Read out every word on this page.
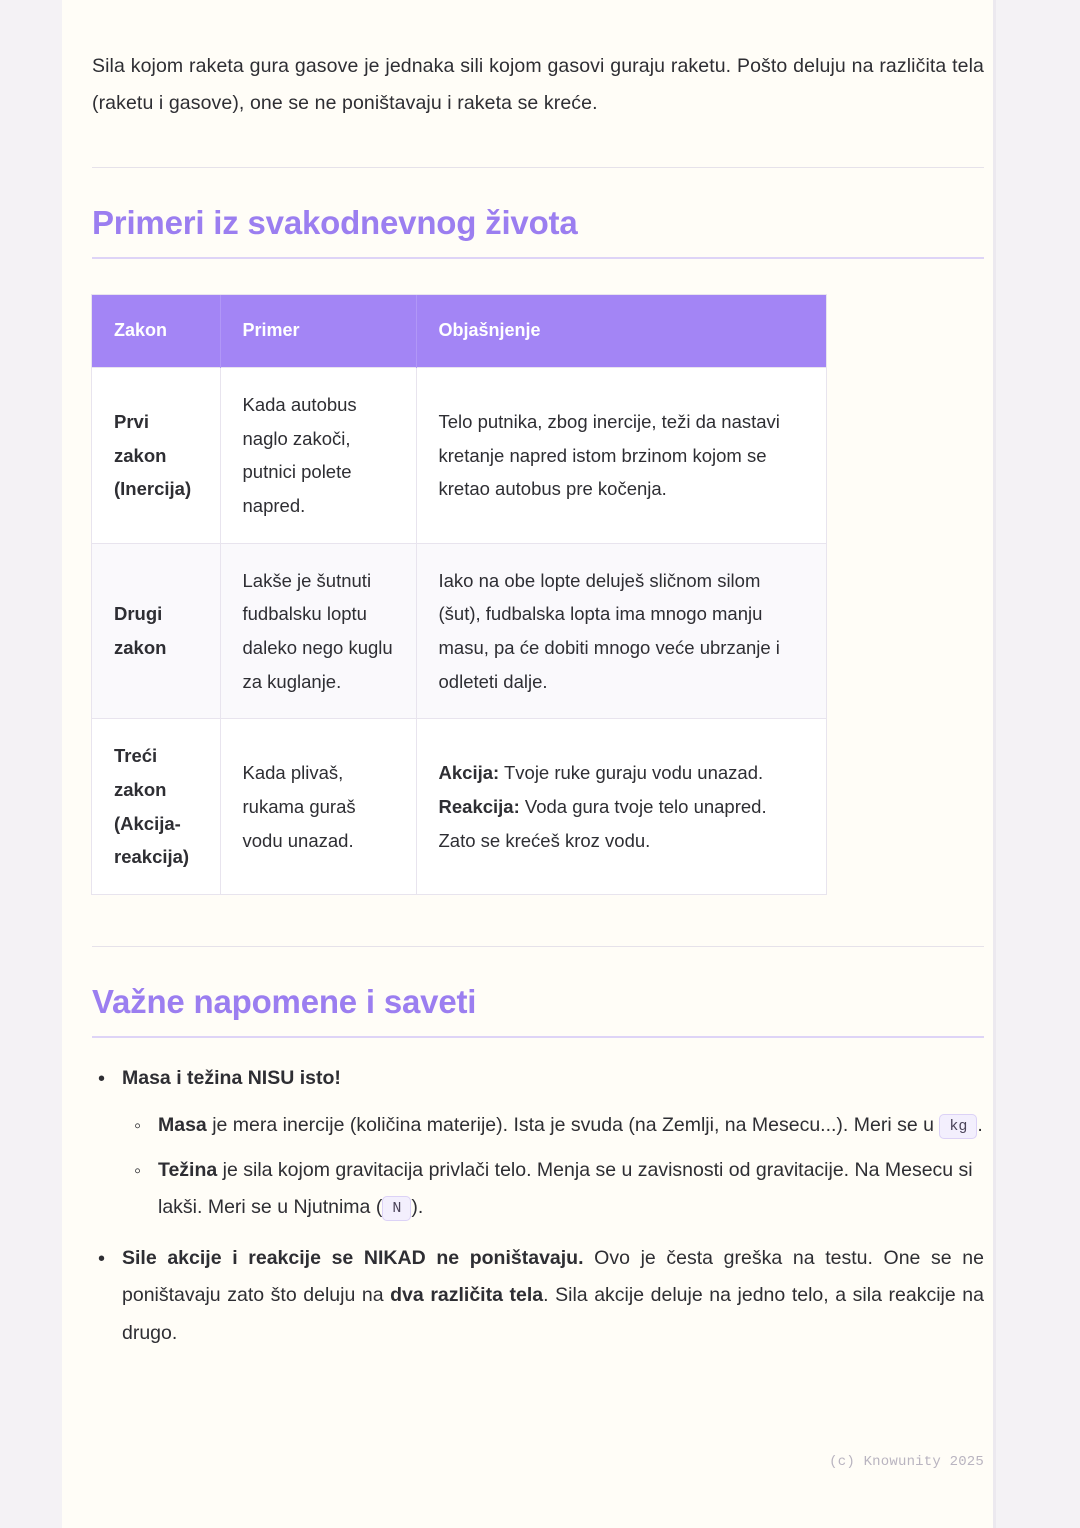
Sila kojom raketa gura gasove je jednaka sili kojom gasovi guraju raketu. Pošto deluju na različita tela (raketu i gasove), one se ne poništavaju i raketa se kreće.

Primeri iz svakodnevnog života
Zakon	Primer	Objašnjenje
Prvi zakon (Inercija)	Kada autobus naglo zakoči, putnici polete napred.	Telo putnika, zbog inercije, teži da nastavi kretanje napred istom brzinom kojom se kretao autobus pre kočenja.
Drugi zakon	Lakše je šutnuti fudbalsku loptu daleko nego kuglu za kuglanje.	Iako na obe lopte deluješ sličnom silom (šut), fudbalska lopta ima mnogo manju masu, pa će dobiti mnogo veće ubrzanje i odleteti dalje.
Treći zakon (Akcija-reakcija)	Kada plivaš, rukama guraš vodu unazad.	Akcija: Tvoje ruke guraju vodu unazad.
Reakcija: Voda gura tvoje telo unapred. Zato se krećeš kroz vodu.
Važne napomene i saveti
• Masa i težina NISU isto!
◦ Masa je mera inercije (količina materije). Ista je svuda (na Zemlji, na Mesecu...). Meri se u kg .
◦ Težina je sila kojom gravitacija privlači telo. Menja se u zavisnosti od gravitacije. Na Mesecu si lakši. Meri se u Njutnima ( N ).
• Sile akcije i reakcije se NIKAD ne poništavaju. Ovo je česta greška na testu. One se ne poništavaju zato što deluju na dva različita tela. Sila akcije deluje na jedno telo, a sila reakcije na drugo.
(c) Knowunity 2025
